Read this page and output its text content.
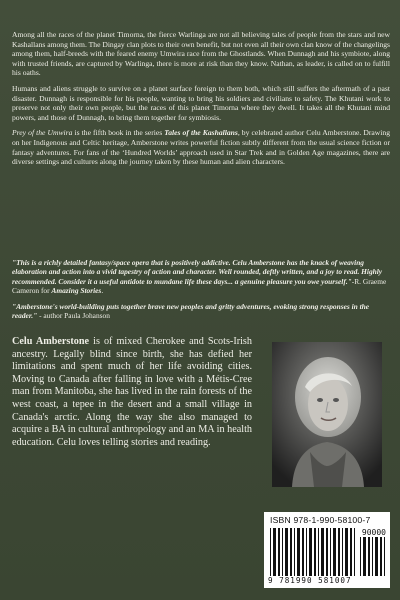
Among all the races of the planet Timorna, the fierce Warlinga are not all believing tales of people from the stars and new Kashallans among them. The Dingay clan plots to their own benefit, but not even all their own clan know of the changelings among them, half-breeds with the feared enemy Umwira race from the Ghostlands. When Dunnagh and his symbiote, along with trusted friends, are captured by Warlinga, there is more at risk than they know. Nathan, as leader, is called on to fulfill his oaths.

Humans and aliens struggle to survive on a planet surface foreign to them both, which still suffers the aftermath of a past disaster. Dunnagh is responsible for his people, wanting to bring his soldiers and civilians to safety. The Khutani work to preserve not only their own people, but the races of this planet Timorna where they dwell. It takes all the Khutani mind powers, and those of Dunnagh, to bring them together for symbiosis.

Prey of the Umwira is the fifth book in the series Tales of the Kashallans, by celebrated author Celu Amberstone. Drawing on her Indigenous and Celtic heritage, Amberstone writes powerful fiction subtly different from the usual science fiction or fantasy adventures. For fans of the ‘Hundred Worlds’ approach used in Star Trek and in Golden Age magazines, there are diverse settings and cultures along the journey taken by these human and alien characters.

"This is a richly detailed fantasy/space opera that is positively addictive. Celu Amberstone has the knack of weaving elaboration and action into a vivid tapestry of action and character. Well rounded, deftly written, and a joy to read. Highly recommended. Consider it a useful antidote to mundane life these days... a genuine pleasure you owe yourself."-R. Graeme Cameron for Amazing Stories.

"Amberstone's world-building puts together brave new peoples and gritty adventures, evoking strong responses in the reader." - author Paula Johanson

Celu Amberstone is of mixed Cherokee and Scots-Irish ancestry. Legally blind since birth, she has defied her limitations and spent much of her life avoiding cities. Moving to Canada after falling in love with a Métis-Cree man from Manitoba, she has lived in the rain forests of the west coast, a tepee in the desert and a small village in Canada's arctic. Along the way she also managed to acquire a BA in cultural anthropology and an MA in health education. Celu loves telling stories and reading.
ISBN 978-1-990-58100-7
90000
9 781990 581007
